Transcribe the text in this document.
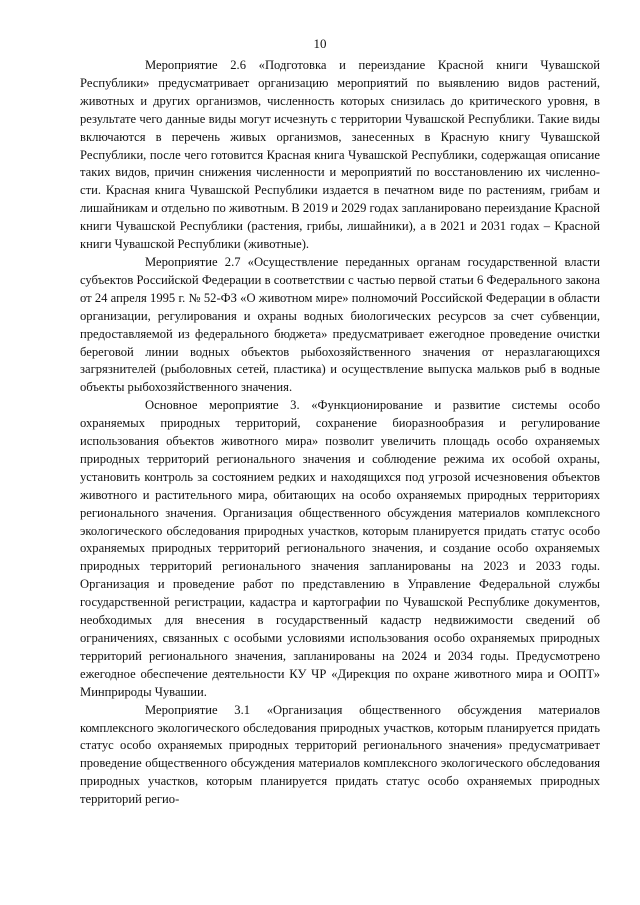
10

Мероприятие 2.6 «Подготовка и переиздание Красной книги Чувашской Республики» предусматривает организацию мероприятий по выявлению видов растений, животных и других организмов, численность которых снизилась до критического уровня, в результате чего данные виды могут исчезнуть с территории Чувашской Республики. Такие виды включаются в перечень живых организмов, занесенных в Красную книгу Чувашской Республики, после чего готовится Красная книга Чувашской Республики, содержащая описание таких видов, причин снижения численности и мероприятий по восстановлению их численности. Красная книга Чувашской Республики издается в печатном виде по растениям, грибам и лишайникам и отдельно по животным. В 2019 и 2029 годах запланировано переиздание Красной книги Чувашской Республики (растения, грибы, лишайники), а в 2021 и 2031 годах – Красной книги Чувашской Республики (животные).

Мероприятие 2.7 «Осуществление переданных органам государственной власти субъектов Российской Федерации в соответствии с частью первой статьи 6 Федерального закона от 24 апреля 1995 г. № 52-ФЗ «О животном мире» полномочий Российской Федерации в области организации, регулирования и охраны водных биологических ресурсов за счет субвенции, предоставляемой из федерального бюджета» предусматривает ежегодное проведение очистки береговой линии водных объектов рыбохозяйственного значения от неразлагающихся загрязнителей (рыболовных сетей, пластика) и осуществление выпуска мальков рыб в водные объекты рыбохозяйственного значения.

Основное мероприятие 3. «Функционирование и развитие системы особо охраняемых природных территорий, сохранение биоразнообразия и регулирование использования объектов животного мира» позволит увеличить площадь особо охраняемых природных территорий регионального значения и соблюдение режима их особой охраны, установить контроль за состоянием редких и находящихся под угрозой исчезновения объектов животного и растительного мира, обитающих на особо охраняемых природных территориях регионального значения. Организация общественного обсуждения материалов комплексного экологического обследования природных участков, которым планируется придать статус особо охраняемых природных территорий регионального значения, и создание особо охраняемых природных территорий регионального значения запланированы на 2023 и 2033 годы. Организация и проведение работ по представлению в Управление Федеральной службы государственной регистрации, кадастра и картографии по Чувашской Республике документов, необходимых для внесения в государственный кадастр недвижимости сведений об ограничениях, связанных с особыми условиями использования особо охраняемых природных территорий регионального значения, запланированы на 2024 и 2034 годы. Предусмотрено ежегодное обеспечение деятельности КУ ЧР «Дирекция по охране животного мира и ООПТ» Минприроды Чувашии.

Мероприятие 3.1 «Организация общественного обсуждения материалов комплексного экологического обследования природных участков, которым планируется придать статус особо охраняемых природных территорий регионального значения» предусматривает проведение общественного обсуждения материалов комплексного экологического обследования природных участков, которым планируется придать статус особо охраняемых природных территорий регио-
